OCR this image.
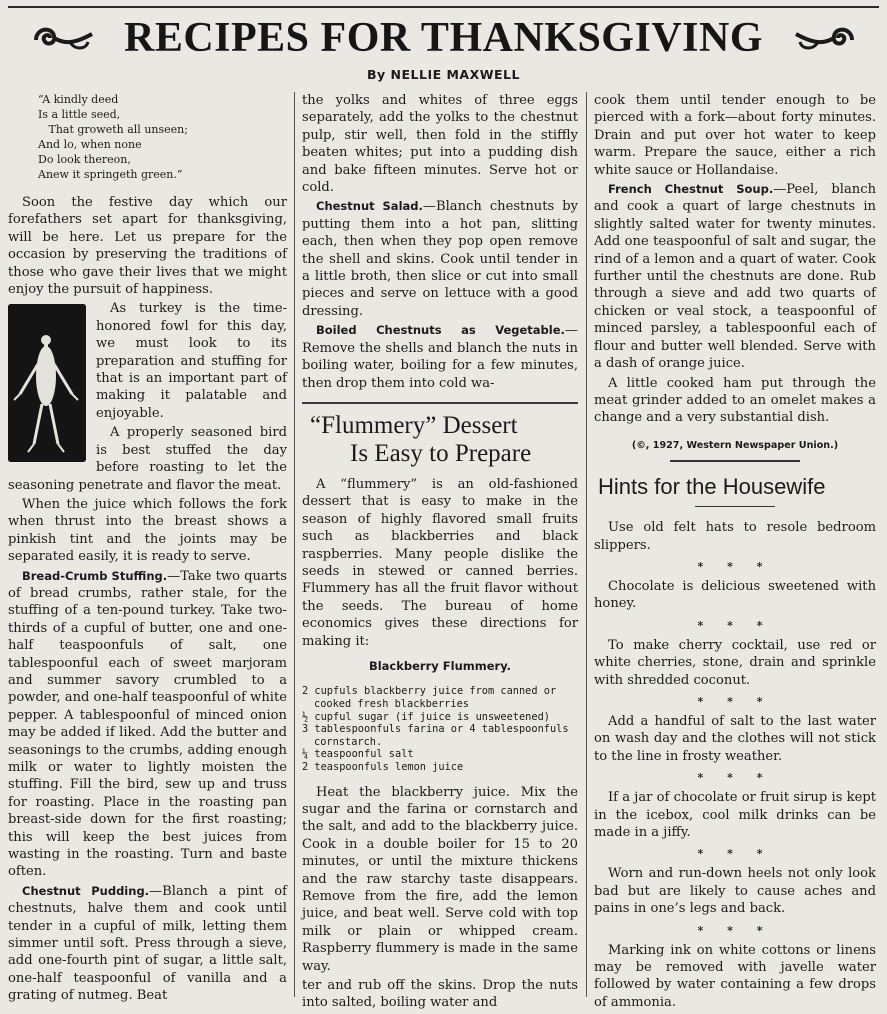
RECIPES FOR THANKSGIVING
By NELLIE MAXWELL
“A kindly deed
Is a little seed,
That groweth all unseen;
And lo, when none
Do look thereon,
Anew it springeth green.”

Soon the festive day which our forefathers set apart for thanksgiving, will be here. Let us prepare for the occasion by preserving the traditions of those who gave their lives that we might enjoy the pursuit of happiness.

As turkey is the time-honored fowl for this day, we must look to its preparation and stuffing for that is an important part of making it palatable and enjoyable.

A properly seasoned bird is best stuffed the day before roasting to let the seasoning penetrate and flavor the meat.

When the juice which follows the fork when thrust into the breast shows a pinkish tint and the joints may be separated easily, it is ready to serve.

Bread-Crumb Stuffing.—Take two quarts of bread crumbs, rather stale, for the stuffing of a ten-pound turkey. Take two-thirds of a cupful of butter, one and one-half teaspoonfuls of salt, one tablespoonful each of sweet marjoram and summer savory crumbled to a powder, and one-half teaspoonful of white pepper. A tablespoonful of minced onion may be added if liked. Add the butter and seasonings to the crumbs, adding enough milk or water to lightly moisten the stuffing. Fill the bird, sew up and truss for roasting. Place in the roasting pan breast-side down for the first roasting; this will keep the best juices from wasting in the roasting. Turn and baste often.

Chestnut Pudding.—Blanch a pint of chestnuts, halve them and cook until tender in a cupful of milk, letting them simmer until soft. Press through a sieve, add one-fourth pint of sugar, a little salt, one-half teaspoonful of vanilla and a grating of nutmeg. Beat

the yolks and whites of three eggs separately, add the yolks to the chestnut pulp, stir well, then fold in the stiffly beaten whites; put into a pudding dish and bake fifteen minutes. Serve hot or cold.

Chestnut Salad.—Blanch chestnuts by putting them into a hot pan, slitting each, then when they pop open remove the shell and skins. Cook until tender in a little broth, then slice or cut into small pieces and serve on lettuce with a good dressing.

Boiled Chestnuts as Vegetable.—Remove the shells and blanch the nuts in boiling water, boiling for a few minutes, then drop them into cold wa-

“Flummery” Dessert
Is Easy to Prepare

A “flummery” is an old-fashioned dessert that is easy to make in the season of highly flavored small fruits such as blackberries and black raspberries. Many people dislike the seeds in stewed or canned berries. Flummery has all the fruit flavor without the seeds. The bureau of home economics gives these directions for making it:

Blackberry Flummery.
2 cupfuls blackberry juice from canned or cooked fresh blackberries
½ cupful sugar (if juice is unsweetened)
3 tablespoonfuls farina or 4 tablespoonfuls cornstarch.
¼ teaspoonful salt
2 teaspoonfuls lemon juice

Heat the blackberry juice. Mix the sugar and the farina or cornstarch and the salt, and add to the blackberry juice. Cook in a double boiler for 15 to 20 minutes, or until the mixture thickens and the raw starchy taste disappears. Remove from the fire, add the lemon juice, and beat well. Serve cold with top milk or plain or whipped cream. Raspberry flummery is made in the same way.

ter and rub off the skins. Drop the nuts into salted, boiling water and

cook them until tender enough to be pierced with a fork—about forty minutes. Drain and put over hot water to keep warm. Prepare the sauce, either a rich white sauce or Hollandaise.

French Chestnut Soup.—Peel, blanch and cook a quart of large chestnuts in slightly salted water for twenty minutes. Add one teaspoonful of salt and sugar, the rind of a lemon and a quart of water. Cook further until the chestnuts are done. Rub through a sieve and add two quarts of chicken or veal stock, a teaspoonful of minced parsley, a tablespoonful each of flour and butter well blended. Serve with a dash of orange juice.

A little cooked ham put through the meat grinder added to an omelet makes a change and a very substantial dish.

(©, 1927, Western Newspaper Union.)
Hints for the Housewife

Use old felt hats to resole bedroom slippers.

* * *

Chocolate is delicious sweetened with honey.

* * *

To make cherry cocktail, use red or white cherries, stone, drain and sprinkle with shredded coconut.

* * *

Add a handful of salt to the last water on wash day and the clothes will not stick to the line in frosty weather.

* * *

If a jar of chocolate or fruit sirup is kept in the icebox, cool milk drinks can be made in a jiffy.

* * *

Worn and run-down heels not only look bad but are likely to cause aches and pains in one’s legs and back.

* * *

Marking ink on white cottons or linens may be removed with javelle water followed by water containing a few drops of ammonia.
